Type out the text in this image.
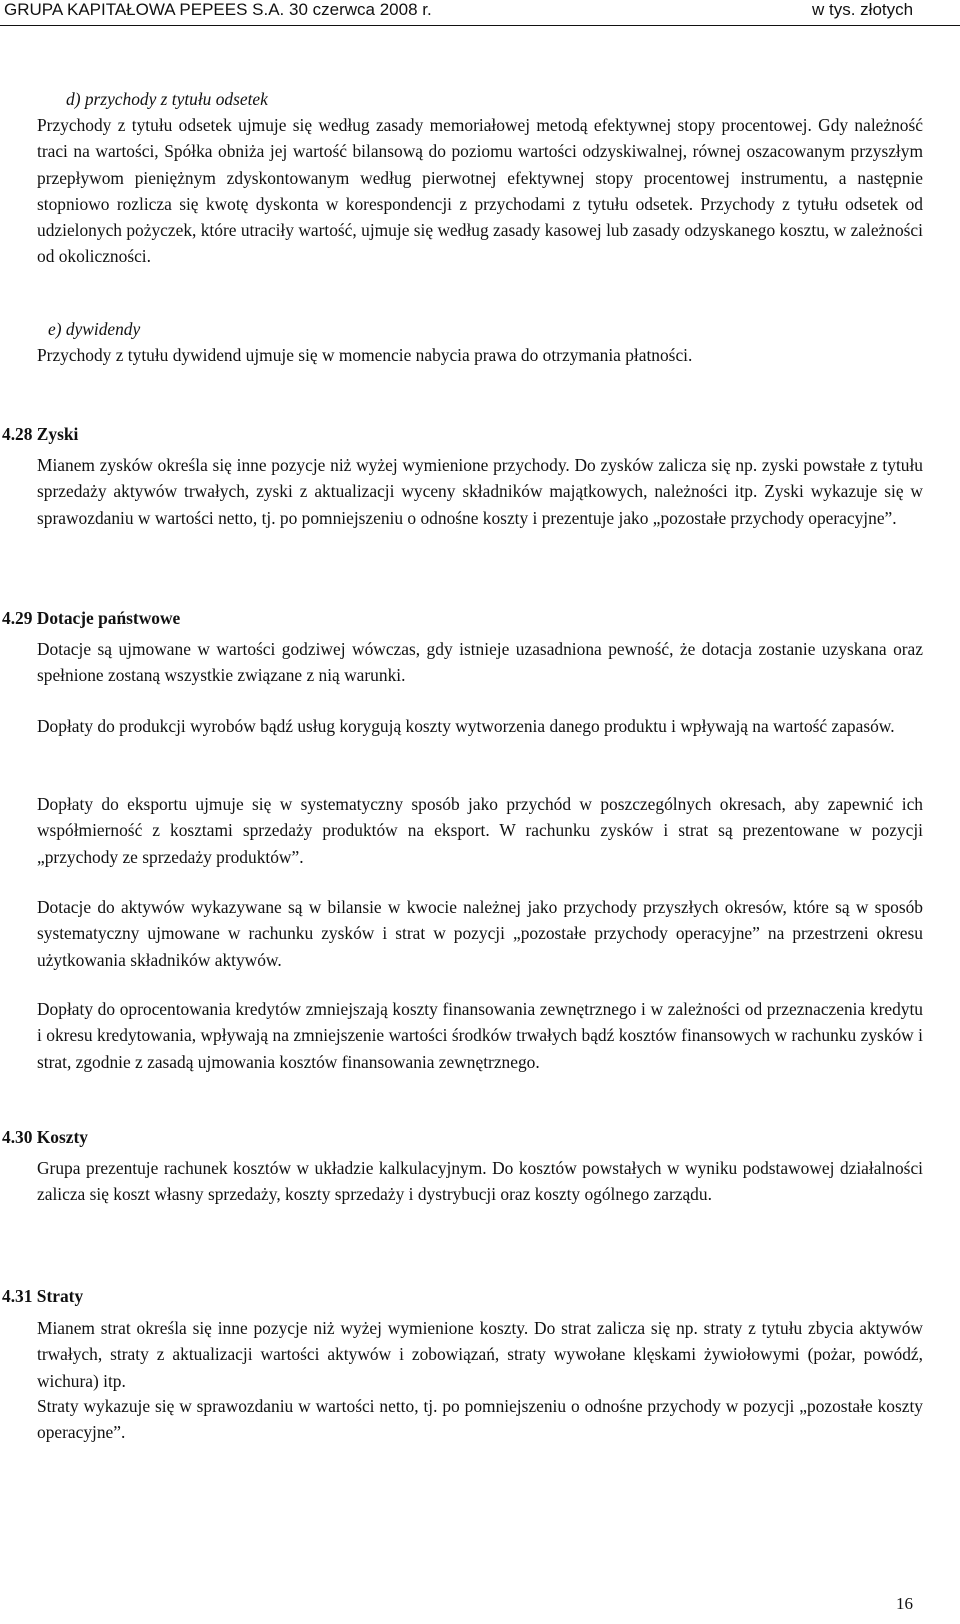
GRUPA KAPITAŁOWA PEPEES S.A. 30 czerwca 2008 r.	w tys. złotych
d) przychody z tytułu odsetek

Przychody z tytułu odsetek ujmuje się według zasady memoriałowej metodą efektywnej stopy procentowej. Gdy należność traci na wartości, Spółka obniża jej wartość bilansową do poziomu wartości odzyskiwalnej, równej oszacowanym przyszłym przepływom pieniężnym zdyskontowanym według pierwotnej efektywnej stopy procentowej instrumentu, a następnie stopniowo rozlicza się kwotę dyskonta w korespondencji z przychodami z tytułu odsetek. Przychody z tytułu odsetek od udzielonych pożyczek, które utraciły wartość, ujmuje się według zasady kasowej lub zasady odzyskanego kosztu, w zależności od okoliczności.

e) dywidendy

Przychody z tytułu dywidend ujmuje się w momencie nabycia prawa do otrzymania płatności.

4.28 Zyski

Mianem zysków określa się inne pozycje niż wyżej wymienione przychody. Do zysków zalicza się np. zyski powstałe z tytułu sprzedaży aktywów trwałych, zyski z aktualizacji wyceny składników majątkowych, należności itp. Zyski wykazuje się w sprawozdaniu w wartości netto, tj. po pomniejszeniu o odnośne koszty i prezentuje jako „pozostałe przychody operacyjne”.

4.29 Dotacje państwowe

Dotacje są ujmowane w wartości godziwej wówczas, gdy istnieje uzasadniona pewność, że dotacja zostanie uzyskana oraz spełnione zostaną wszystkie związane z nią warunki.

Dopłaty do produkcji wyrobów bądź usług korygują koszty wytworzenia danego produktu i wpływają na wartość zapasów.

Dopłaty do eksportu ujmuje się w systematyczny sposób jako przychód w poszczególnych okresach, aby zapewnić ich współmierność z kosztami sprzedaży produktów na eksport. W rachunku zysków i strat są prezentowane w pozycji „przychody ze sprzedaży produktów”.

Dotacje do aktywów wykazywane są w bilansie w kwocie należnej jako przychody przyszłych okresów, które są w sposób systematyczny ujmowane w rachunku zysków i strat w pozycji „pozostałe przychody operacyjne” na przestrzeni okresu użytkowania składników aktywów.

Dopłaty do oprocentowania kredytów zmniejszają koszty finansowania zewnętrznego i w zależności od przeznaczenia kredytu i okresu kredytowania, wpływają na zmniejszenie wartości środków trwałych bądź kosztów finansowych w rachunku zysków i strat, zgodnie z zasadą ujmowania kosztów finansowania zewnętrznego.

4.30 Koszty

Grupa prezentuje rachunek kosztów w układzie kalkulacyjnym. Do kosztów powstałych w wyniku podstawowej działalności zalicza się koszt własny sprzedaży, koszty sprzedaży i dystrybucji oraz koszty ogólnego zarządu.

4.31 Straty

Mianem strat określa się inne pozycje niż wyżej wymienione koszty. Do strat zalicza się np. straty z tytułu zbycia aktywów trwałych, straty z aktualizacji wartości aktywów i zobowiązań, straty wywołane klęskami żywiołowymi (pożar, powódź, wichura) itp.

Straty wykazuje się w sprawozdaniu w wartości netto, tj. po pomniejszeniu o odnośne przychody w pozycji „pozostałe koszty operacyjne”.

16
